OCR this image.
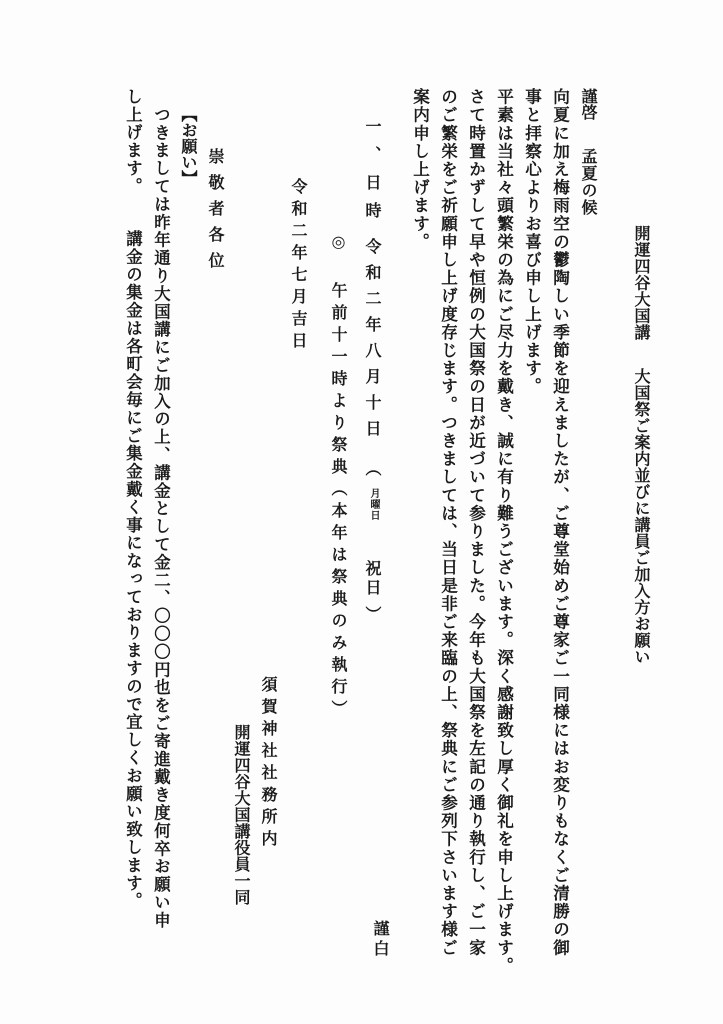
開運四谷大国講
大国祭ご案内並びに講員ご加入方お願い
謹啓
孟夏の候
向夏に加え梅雨空の鬱陶しい季節を迎えましたが、ご尊堂始めご尊家ご一同様にはお変りもなくご清勝の御
事と拝察心よりお喜び申し上げます。
平素は当社々頭繁栄の為にご尽力を戴き、誠に有り難うございます。深く感謝致し厚く御礼を申し上げます。
さて時置かずして早や恒例の大国祭の日が近づいて参りました。今年も大国祭を左記の通り執行し、ご一家
のご繁栄をご祈願申し上げ度存じます。つきましては、当日是非ご来臨の上、祭典にご参列下さいます様ご
案内申し上げます。
一、日時
令和二年八月十日
（
月曜日
祝日
）
◎ 午前十一時より祭典（本年は祭典のみ執行）
令和二年七月吉日
謹白
須賀神社社務所内
開運四谷大国講役員一同
崇敬者各位
【お願い】
つきましては昨年通り大国講にご加入の上、講金として金二、〇〇〇円也をご寄進戴き度何卒お願い申
し上げます。
講金の集金は各町会毎にご集金戴く事になっておりますので宜しくお願い致します。
